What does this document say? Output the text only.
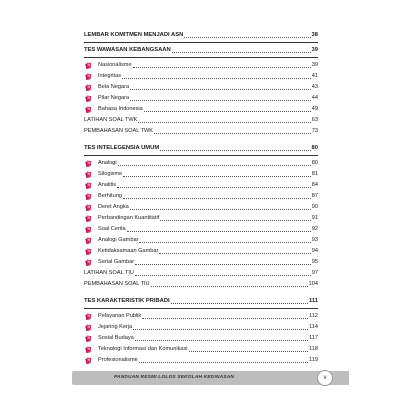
LEMBAR KOMITMEN MENJADI ASN	38
TES WAWASAN KEBANGSAAN	39
Nasionalisme	39
Integritas	41
Bela Negara	43
Pilar Negara	44
Bahasa Indonesia	49
LATIHAN SOAL TWK	63
PEMBAHASAN SOAL TWK	73
TES INTELEGENSIA UMUM	80
Analogi	80
Silogisme	81
Analitis	84
Berhitung	87
Deret Angka	90
Perbandingan Kuantitatif	91
Soal Cerita	92
Analogi Gambar	93
Ketidaksamaan Gambar	94
Serial Gambar	95
LATIHAN SOAL TIU	97
PEMBAHASAN SOAL TIU	104
TES KARAKTERISTIK PRIBADI	111
Pelayanan Publik	112
Jejaring Kerja	114
Sosial Budaya	117
Teknologi Informasi dan Komunikasi	118
Profesionalisme	119
PANDUAN RESMI LOLOS SEKOLAH KEDINASAN	v
